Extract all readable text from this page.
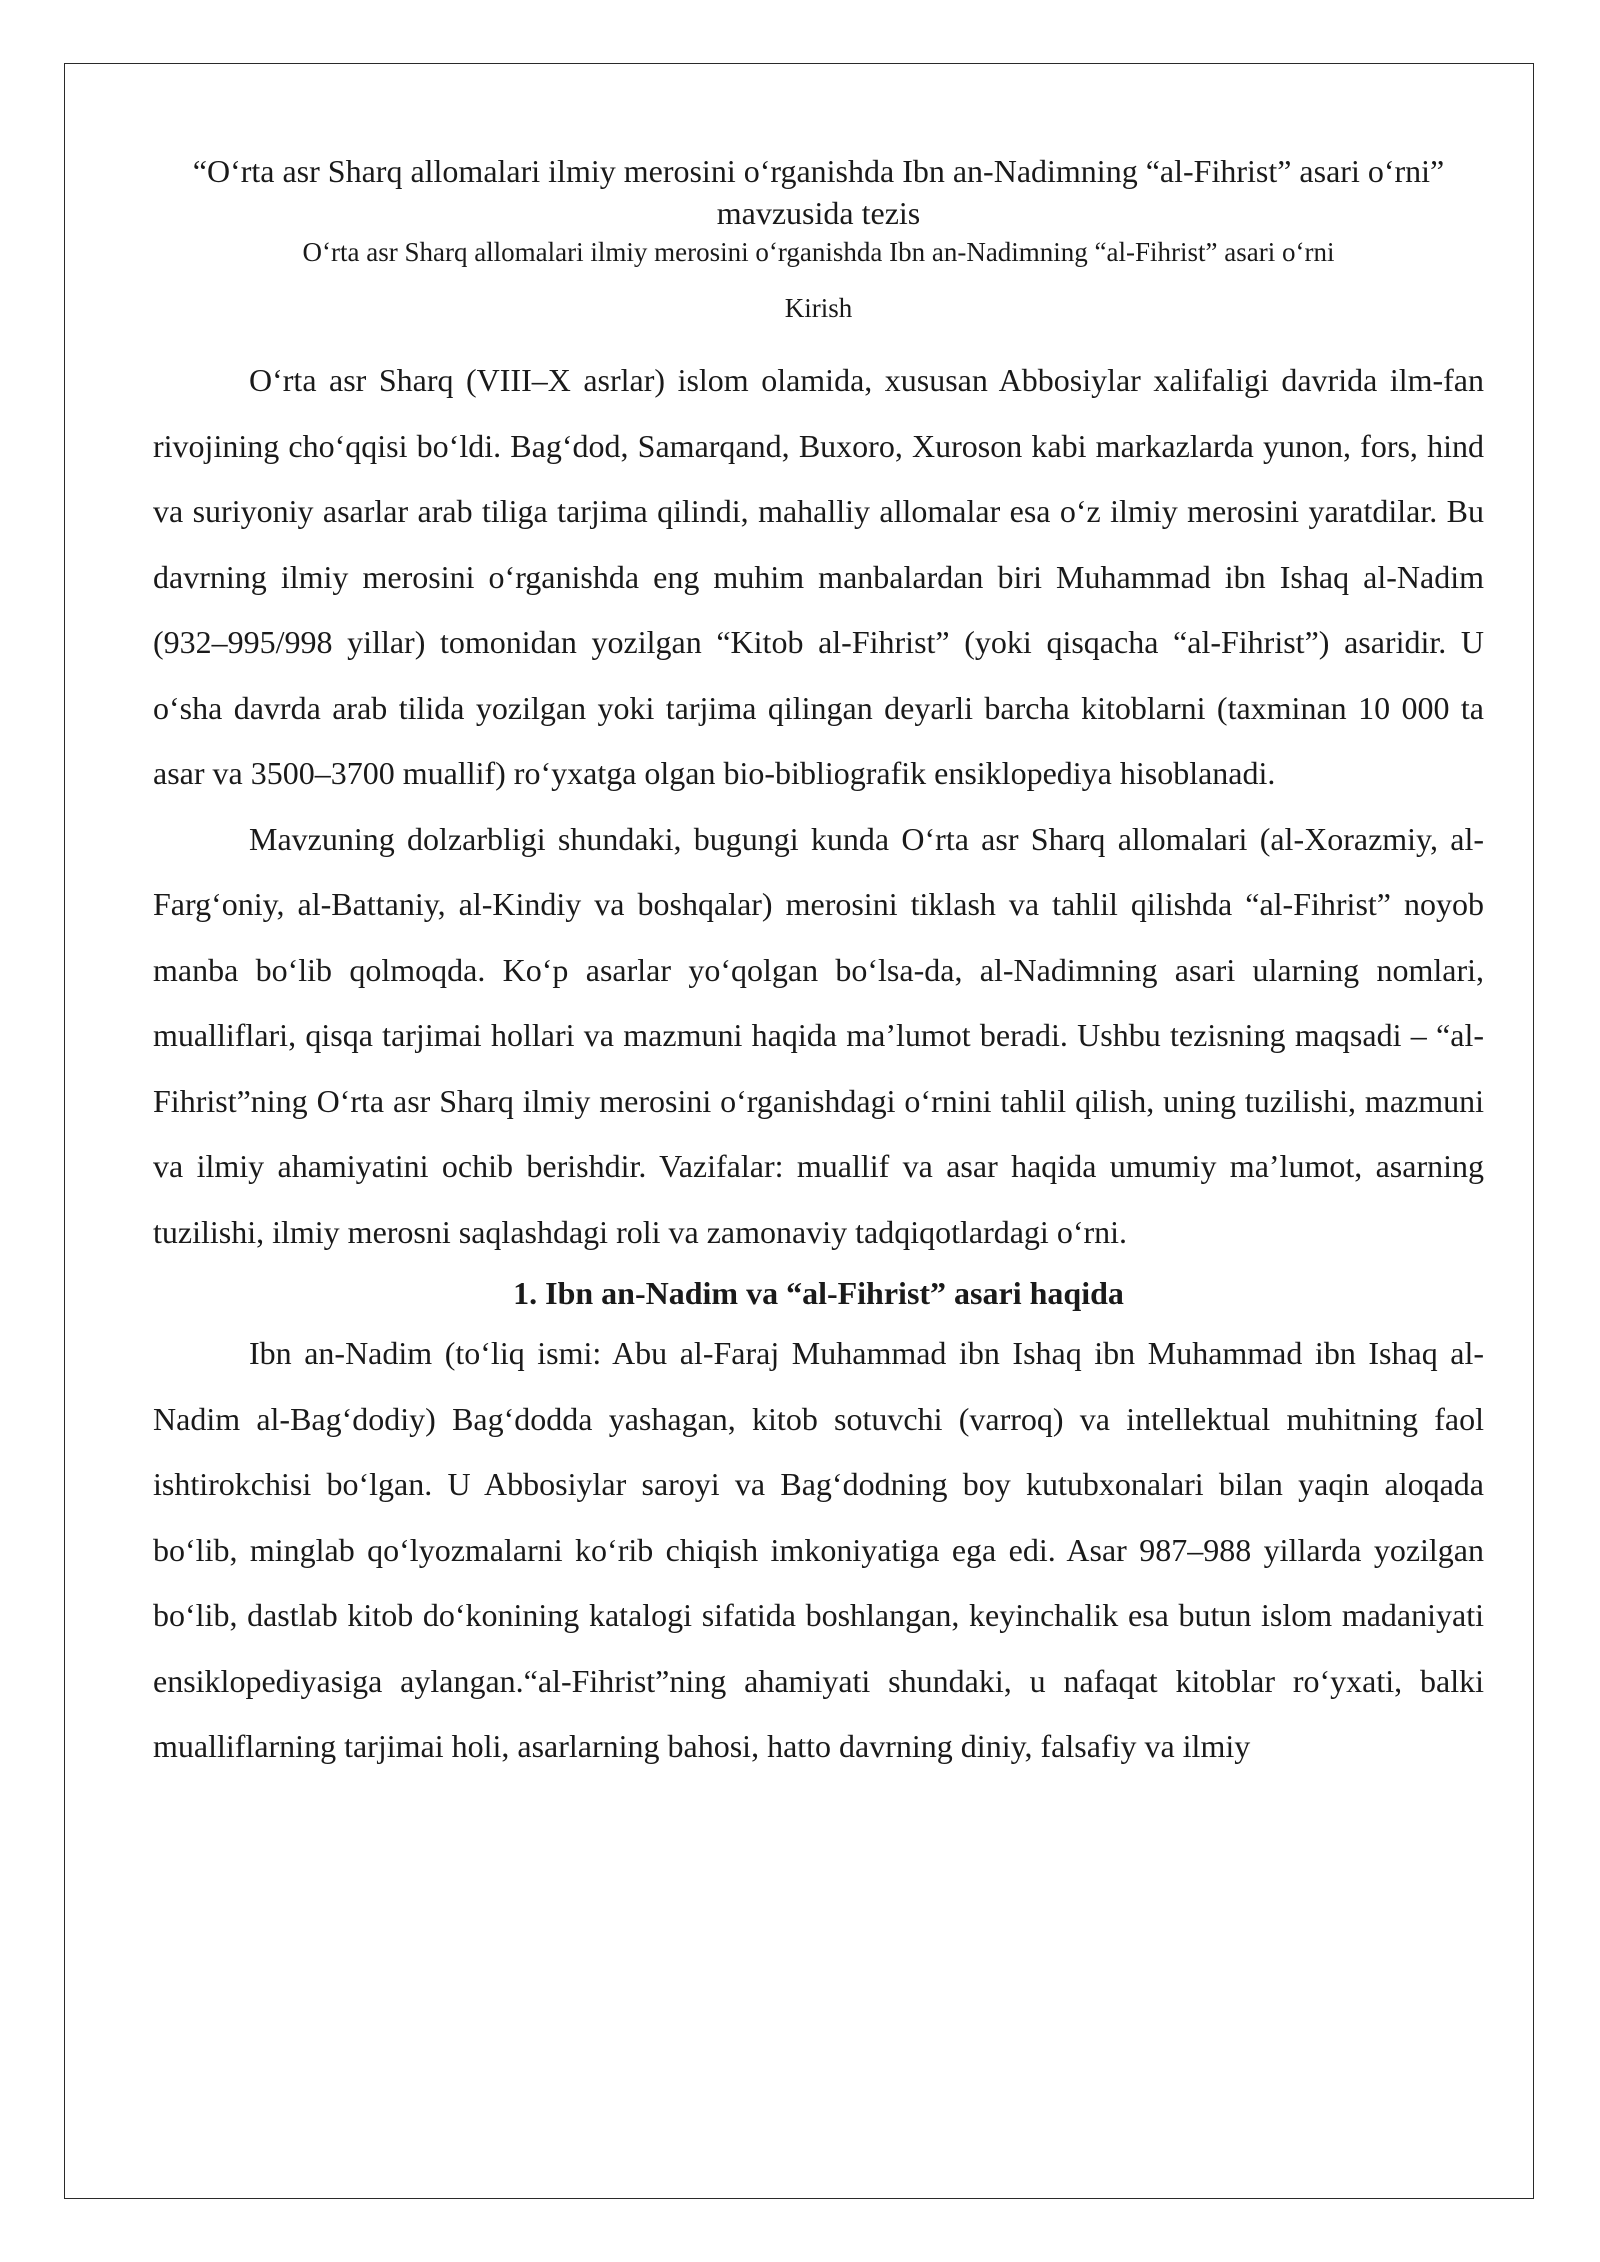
“O‘rta asr Sharq allomalari ilmiy merosini o‘rganishda Ibn an-Nadimning “al-Fihrist” asari o‘rni” mavzusida tezis

O‘rta asr Sharq allomalari ilmiy merosini o‘rganishda Ibn an-Nadimning “al-Fihrist” asari o‘rni

Kirish

O‘rta asr Sharq (VIII–X asrlar) islom olamida, xususan Abbosiylar xalifaligi davrida ilm-fan rivojining cho‘qqisi bo‘ldi. Bag‘dod, Samarqand, Buxoro, Xuroson kabi markazlarda yunon, fors, hind va suriyoniy asarlar arab tiliga tarjima qilindi, mahalliy allomalar esa o‘z ilmiy merosini yaratdilar. Bu davrning ilmiy merosini o‘rganishda eng muhim manbalardan biri Muhammad ibn Ishaq al-Nadim (932–995/998 yillar) tomonidan yozilgan “Kitob al-Fihrist” (yoki qisqacha “al-Fihrist”) asaridir. U o‘sha davrda arab tilida yozilgan yoki tarjima qilingan deyarli barcha kitoblarni (taxminan 10 000 ta asar va 3500–3700 muallif) ro‘yxatga olgan bio-bibliografik ensiklopediya hisoblanadi.

Mavzuning dolzarbligi shundaki, bugungi kunda O‘rta asr Sharq allomalari (al-Xorazmiy, al-Farg‘oniy, al-Battaniy, al-Kindiy va boshqalar) merosini tiklash va tahlil qilishda “al-Fihrist” noyob manba bo‘lib qolmoqda. Ko‘p asarlar yo‘qolgan bo‘lsa-da, al-Nadimning asari ularning nomlari, mualliflari, qisqa tarjimai hollari va mazmuni haqida ma’lumot beradi. Ushbu tezisning maqsadi – “al-Fihrist”ning O‘rta asr Sharq ilmiy merosini o‘rganishdagi o‘rnini tahlil qilish, uning tuzilishi, mazmuni va ilmiy ahamiyatini ochib berishdir. Vazifalar: muallif va asar haqida umumiy ma’lumot, asarning tuzilishi, ilmiy merosni saqlashdagi roli va zamonaviy tadqiqotlardagi o‘rni.

1. Ibn an-Nadim va “al-Fihrist” asari haqida

Ibn an-Nadim (to‘liq ismi: Abu al-Faraj Muhammad ibn Ishaq ibn Muhammad ibn Ishaq al-Nadim al-Bag‘dodiy) Bag‘dodda yashagan, kitob sotuvchi (varroq) va intellektual muhitning faol ishtirokchisi bo‘lgan. U Abbosiylar saroyi va Bag‘dodning boy kutubxonalari bilan yaqin aloqada bo‘lib, minglab qo‘lyozmalarni ko‘rib chiqish imkoniyatiga ega edi. Asar 987–988 yillarda yozilgan bo‘lib, dastlab kitob do‘konining katalogi sifatida boshlangan, keyinchalik esa butun islom madaniyati ensiklopediyasiga aylangan.“al-Fihrist”ning ahamiyati shundaki, u nafaqat kitoblar ro‘yxati, balki mualliflarning tarjimai holi, asarlarning bahosi, hatto davrning diniy, falsafiy va ilmiy
